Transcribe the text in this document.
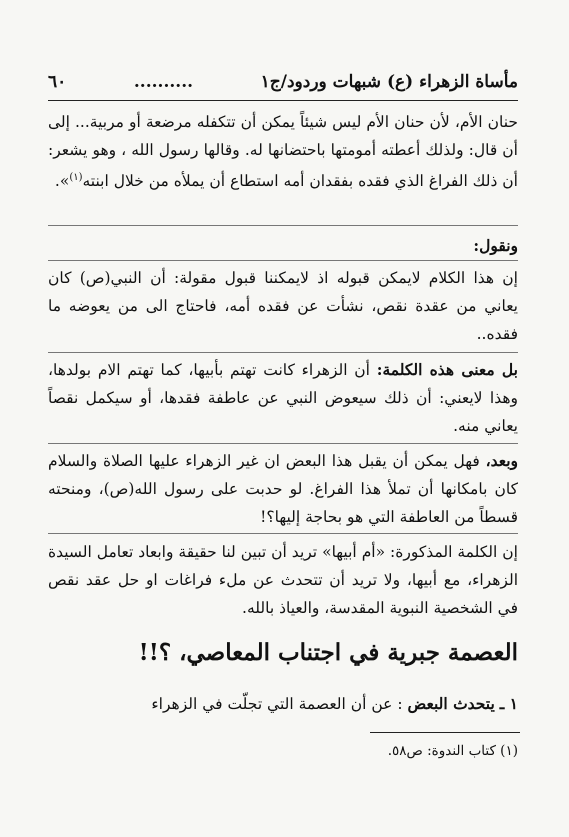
مأساة الزهراء (ع) شبهات وردود/ج١
..........
٦٠
حنان الأم، لأن حنان الأم ليس شيئاً يمكن أن تتكفله مرضعة أو مربية... إلى أن قال: ولذلك أعطته أمومتها باحتضانها له. وقالها رسول الله ، وهو يشعر: أن ذلك الفراغ الذي فقده بفقدان أمه استطاع أن يملأه من خلال ابنته$^{(١)}$».
ونقول:
إن هذا الكلام لايمكن قبوله اذ لايمكننا قبول مقولة: أن النبي(ص) كان يعاني من عقدة نقص، نشأت عن فقده أمه، فاحتاج الى من يعوضه ما فقده..
بل معنى هذه الكلمة: أن الزهراء كانت تهتم بأبيها، كما تهتم الام بولدها، وهذا لايعني: أن ذلك سيعوض النبي عن عاطفة فقدها، أو سيكمل نقصاً يعاني منه.
وبعد، فهل يمكن أن يقبل هذا البعض ان غير الزهراء عليها الصلاة والسلام كان بامكانها أن تملأ هذا الفراغ. لو حدبت على رسول الله(ص)، ومنحته قسطاً من العاطفة التي هو بحاجة إليها؟!
إن الكلمة المذكورة: «أم أبيها» تريد أن تبين لنا حقيقة وابعاد تعامل السيدة الزهراء، مع أبيها، ولا تريد أن تتحدث عن ملء فراغات او حل عقد نقص في الشخصية النبوية المقدسة، والعياذ بالله.
العصمة جبرية في اجتناب المعاصي، ؟!!
١ ـ يتحدث البعض : عن أن العصمة التي تجلّت في الزهراء
(١) كتاب الندوة: ص٥٨.
